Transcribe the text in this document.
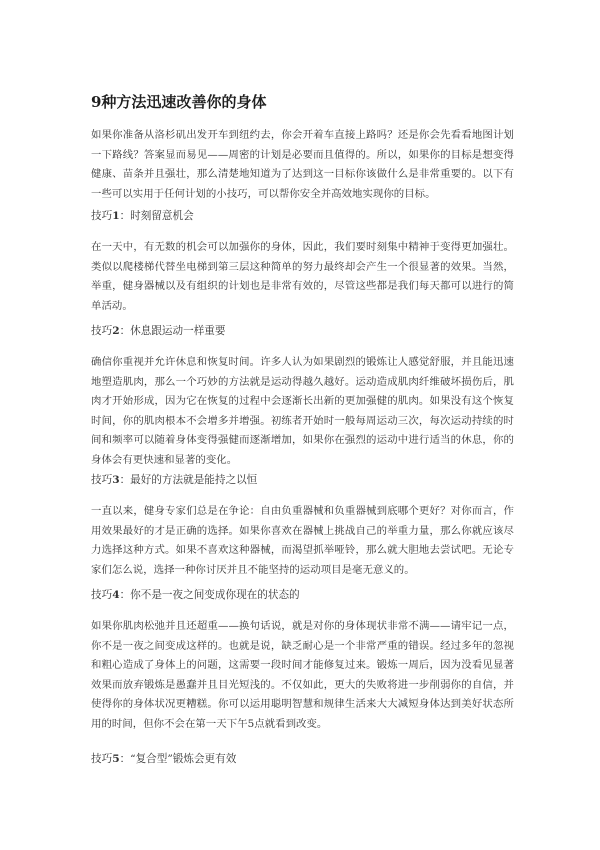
9种方法迅速改善你的身体
如果你准备从洛杉矶出发开车到纽约去，你会开着车直接上路吗？还是你会先看看地图计划一下路线？答案显而易见——周密的计划是必要而且值得的。所以，如果你的目标是想变得健康、苗条并且强壮，那么清楚地知道为了达到这一目标你该做什么是非常重要的。以下有一些可以实用于任何计划的小技巧，可以帮你安全并高效地实现你的目标。
技巧1：时刻留意机会
在一天中，有无数的机会可以加强你的身体，因此，我们要时刻集中精神于变得更加强壮。类似以爬楼梯代替坐电梯到第三层这种简单的努力最终却会产生一个很显著的效果。当然，举重，健身器械以及有组织的计划也是非常有效的，尽管这些都是我们每天都可以进行的简单活动。
技巧2：休息跟运动一样重要
确信你重视并允许休息和恢复时间。许多人认为如果剧烈的锻炼让人感觉舒服，并且能迅速地塑造肌肉，那么一个巧妙的方法就是运动得越久越好。运动造成肌肉纤维破坏损伤后，肌肉才开始形成，因为它在恢复的过程中会逐渐长出新的更加强健的肌肉。如果没有这个恢复时间，你的肌肉根本不会增多并增强。初练者开始时一般每周运动三次，每次运动持续的时间和频率可以随着身体变得强健而逐渐增加，如果你在强烈的运动中进行适当的休息，你的身体会有更快速和显著的变化。
技巧3：最好的方法就是能持之以恒
一直以来，健身专家们总是在争论：自由负重器械和负重器械到底哪个更好？对你而言，作用效果最好的才是正确的选择。如果你喜欢在器械上挑战自己的举重力量，那么你就应该尽力选择这种方式。如果不喜欢这种器械，而渴望抓举哑铃，那么就大胆地去尝试吧。无论专家们怎么说，选择一种你讨厌并且不能坚持的运动项目是毫无意义的。
技巧4：你不是一夜之间变成你现在的状态的
如果你肌肉松弛并且还超重——换句话说，就是对你的身体现状非常不满——请牢记一点，你不是一夜之间变成这样的。也就是说，缺乏耐心是一个非常严重的错误。经过多年的忽视和粗心造成了身体上的问题，这需要一段时间才能修复过来。锻炼一周后，因为没看见显著效果而放弃锻炼是愚蠢并且目光短浅的。不仅如此，更大的失败将进一步削弱你的自信，并使得你的身体状况更糟糕。你可以运用聪明智慧和规律生活来大大减短身体达到美好状态所用的时间，但你不会在第一天下午5点就看到改变。
技巧5：“复合型”锻炼会更有效
